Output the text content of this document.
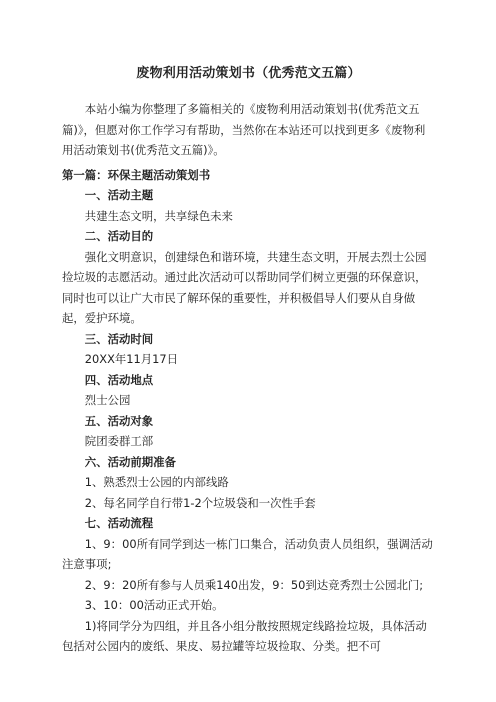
废物利用活动策划书（优秀范文五篇）

本站小编为你整理了多篇相关的《废物利用活动策划书(优秀范文五篇)》，但愿对你工作学习有帮助，当然你在本站还可以找到更多《废物利用活动策划书(优秀范文五篇)》。

第一篇：环保主题活动策划书

一、活动主题

共建生态文明，共享绿色未来

二、活动目的

强化文明意识，创建绿色和谐环境，共建生态文明，开展去烈士公园捡垃圾的志愿活动。通过此次活动可以帮助同学们树立更强的环保意识，同时也可以让广大市民了解环保的重要性，并积极倡导人们要从自身做起，爱护环境。

三、活动时间

20XX年11月17日

四、活动地点

烈士公园

五、活动对象

院团委群工部

六、活动前期准备

1、熟悉烈士公园的内部线路

2、每名同学自行带1-2个垃圾袋和一次性手套

七、活动流程

1、9：00所有同学到达一栋门口集合，活动负责人员组织，强调活动注意事项;

2、9：20所有参与人员乘140出发，9：50到达竞秀烈士公园北门;

3、10：00活动正式开始。

1)将同学分为四组，并且各小组分散按照规定线路捡垃圾，具体活动包括对公园内的废纸、果皮、易拉罐等垃圾捡取、分类。把不可
